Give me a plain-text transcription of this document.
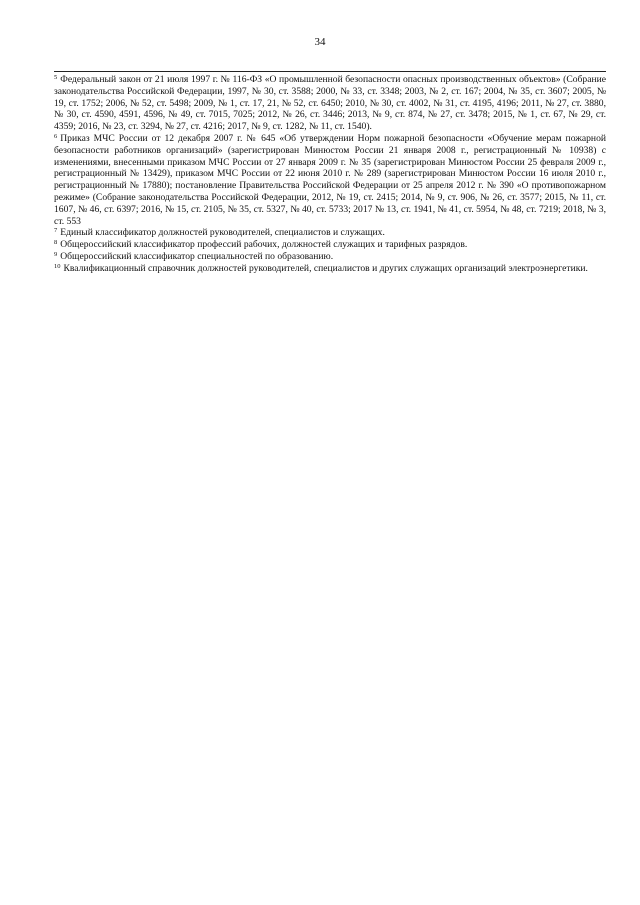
34

$^5$ Федеральный закон от 21 июля 1997 г. № 116-ФЗ «О промышленной безопасности опасных производственных объектов» (Собрание законодательства Российской Федерации, 1997, № 30, ст. 3588; 2000, № 33, ст. 3348; 2003, № 2, ст. 167; 2004, № 35, ст. 3607; 2005, № 19, ст. 1752; 2006, № 52, ст. 5498; 2009, № 1, ст. 17, 21, № 52, ст. 6450; 2010, № 30, ст. 4002, № 31, ст. 4195, 4196; 2011, № 27, ст. 3880, № 30, ст. 4590, 4591, 4596, № 49, ст. 7015, 7025; 2012, № 26, ст. 3446; 2013, № 9, ст. 874, № 27, ст. 3478; 2015, № 1, ст. 67, № 29, ст. 4359; 2016, № 23, ст. 3294, № 27, ст. 4216; 2017, № 9, ст. 1282, № 11, ст. 1540).

$^6$ Приказ МЧС России от 12 декабря 2007 г. № 645 «Об утверждении Норм пожарной безопасности «Обучение мерам пожарной безопасности работников организаций» (зарегистрирован Минюстом России 21 января 2008 г., регистрационный № 10938) с изменениями, внесенными приказом МЧС России от 27 января 2009 г. № 35 (зарегистрирован Минюстом России 25 февраля 2009 г., регистрационный № 13429), приказом МЧС России от 22 июня 2010 г. № 289 (зарегистрирован Минюстом России 16 июля 2010 г., регистрационный № 17880); постановление Правительства Российской Федерации от 25 апреля 2012 г. № 390 «О противопожарном режиме» (Собрание законодательства Российской Федерации, 2012, № 19, ст. 2415; 2014, № 9, ст. 906, № 26, ст. 3577; 2015, № 11, ст. 1607, № 46, ст. 6397; 2016, № 15, ст. 2105, № 35, ст. 5327, № 40, ст. 5733; 2017 № 13, ст. 1941, № 41, ст. 5954, № 48, ст. 7219; 2018, № 3, ст. 553

$^7$ Единый классификатор должностей руководителей, специалистов и служащих.

$^8$ Общероссийский классификатор профессий рабочих, должностей служащих и тарифных разрядов.

$^9$ Общероссийский классификатор специальностей по образованию.

$^{10}$ Квалификационный справочник должностей руководителей, специалистов и других служащих организаций электроэнергетики.
